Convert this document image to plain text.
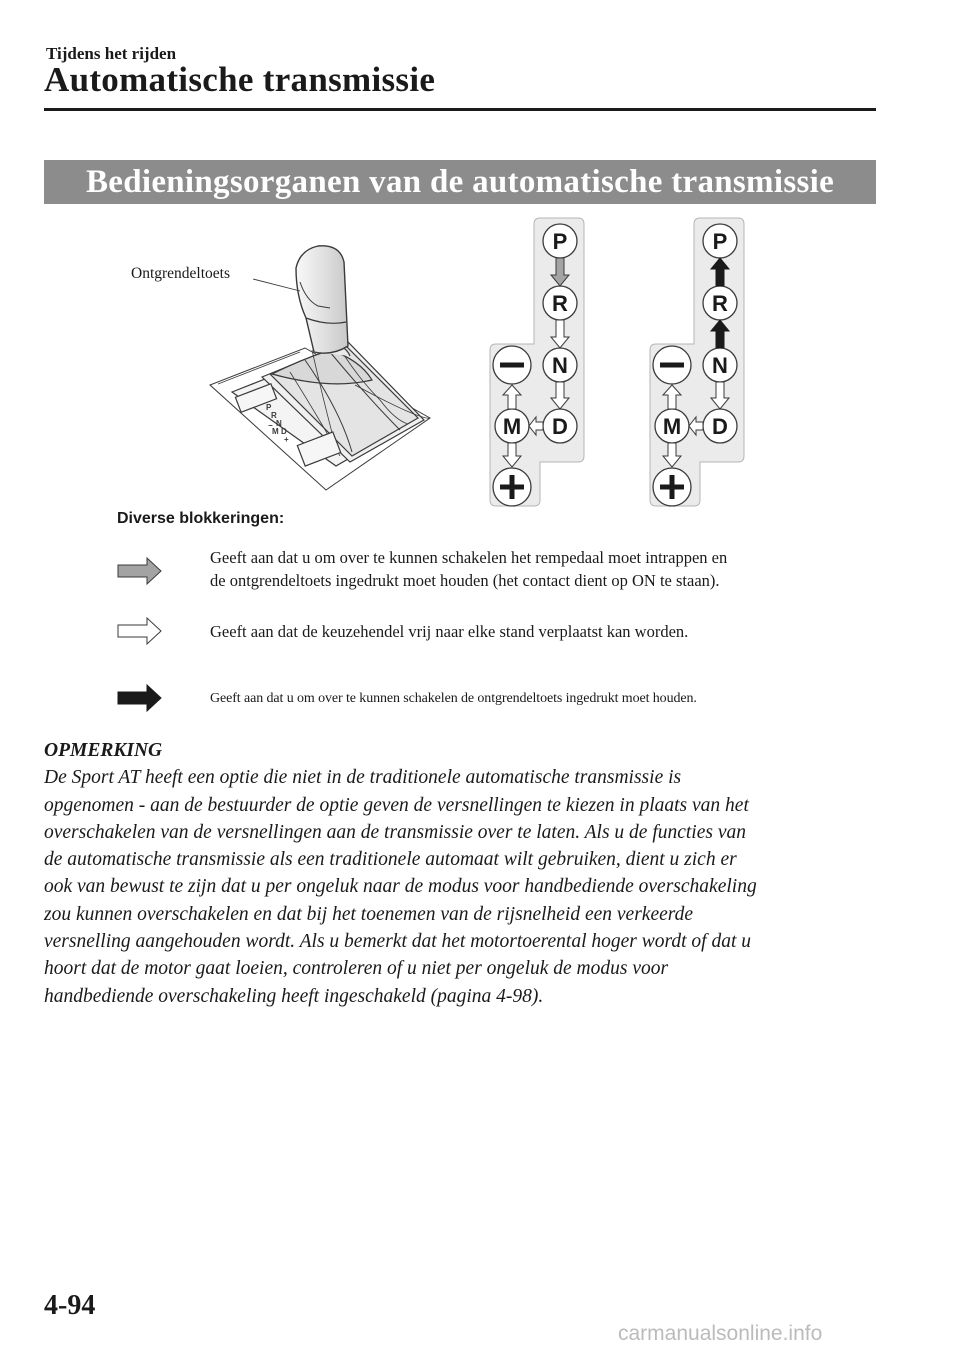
Tijdens het rijden
Automatische transmissie
Bedieningsorganen van de automatische transmissie
P
R
N
D
M
−
+
Ontgrendeltoets
P
R
N
D
M
P
R
N
D
M
Diverse blokkeringen:
Geeft aan dat u om over te kunnen schakelen het rempedaal moet intrappen en
de ontgrendeltoets ingedrukt moet houden (het contact dient op ON te staan).
Geeft aan dat de keuzehendel vrij naar elke stand verplaatst kan worden.
Geeft aan dat u om over te kunnen schakelen de ontgrendeltoets ingedrukt moet houden.
OPMERKING
De Sport AT heeft een optie die niet in de traditionele automatische transmissie is
opgenomen - aan de bestuurder de optie geven de versnellingen te kiezen in plaats van het
overschakelen van de versnellingen aan de transmissie over te laten. Als u de functies van
de automatische transmissie als een traditionele automaat wilt gebruiken, dient u zich er
ook van bewust te zijn dat u per ongeluk naar de modus voor handbediende overschakeling
zou kunnen overschakelen en dat bij het toenemen van de rijsnelheid een verkeerde
versnelling aangehouden wordt. Als u bemerkt dat het motortoerental hoger wordt of dat u
hoort dat de motor gaat loeien, controleren of u niet per ongeluk de modus voor
handbediende overschakeling heeft ingeschakeld (pagina 4-98).
4-94
carmanualsonline.info
